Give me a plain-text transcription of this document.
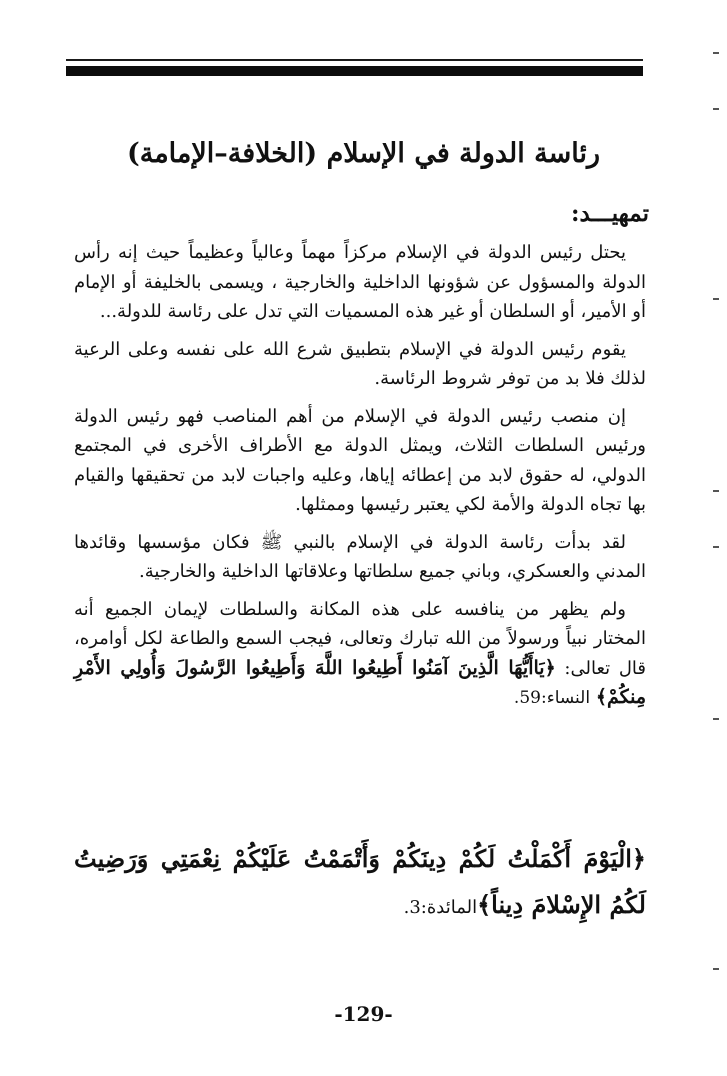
رئاسة الدولة في الإسلام (الخلافة–الإمامة)
تمهيـــد:

يحتل رئيس الدولة في الإسلام مركزاً مهماً وعالياً وعظيماً حيث إنه رأس الدولة والمسؤول عن شؤونها الداخلية والخارجية ، ويسمى بالخليفة أو الإمام أو الأمير، أو السلطان أو غير هذه المسميات التي تدل على رئاسة للدولة...

يقوم رئيس الدولة في الإسلام بتطبيق شرع الله على نفسه وعلى الرعية لذلك فلا بد من توفر شروط الرئاسة.

إن منصب رئيس الدولة في الإسلام من أهم المناصب فهو رئيس الدولة ورئيس السلطات الثلاث، ويمثل الدولة مع الأطراف الأخرى في المجتمع الدولي، له حقوق لابد من إعطائه إياها، وعليه واجبات لابد من تحقيقها والقيام بها تجاه الدولة والأمة لكي يعتبر رئيسها وممثلها.

لقد بدأت رئاسة الدولة في الإسلام بالنبي ﷺ فكان مؤسسها وقائدها المدني والعسكري، وباني جميع سلطاتها وعلاقاتها الداخلية والخارجية.

ولم يظهر من ينافسه على هذه المكانة والسلطات لإيمان الجميع أنه المختار نبياً ورسولاً من الله تبارك وتعالى، فيجب السمع والطاعة لكل أوامره، قال تعالى: ﴿يَاأَيُّهَا الَّذِينَ آمَنُوا أَطِيعُوا اللَّهَ وَأَطِيعُوا الرَّسُولَ وَأُولِي الأَمْرِ مِنكُمْ﴾ النساء:59.

﴿الْيَوْمَ أَكْمَلْتُ لَكُمْ دِينَكُمْ وَأَتْمَمْتُ عَلَيْكُمْ نِعْمَتِي وَرَضِيتُ لَكُمُ الإِسْلامَ دِيناً﴾المائدة:3.
-129-
